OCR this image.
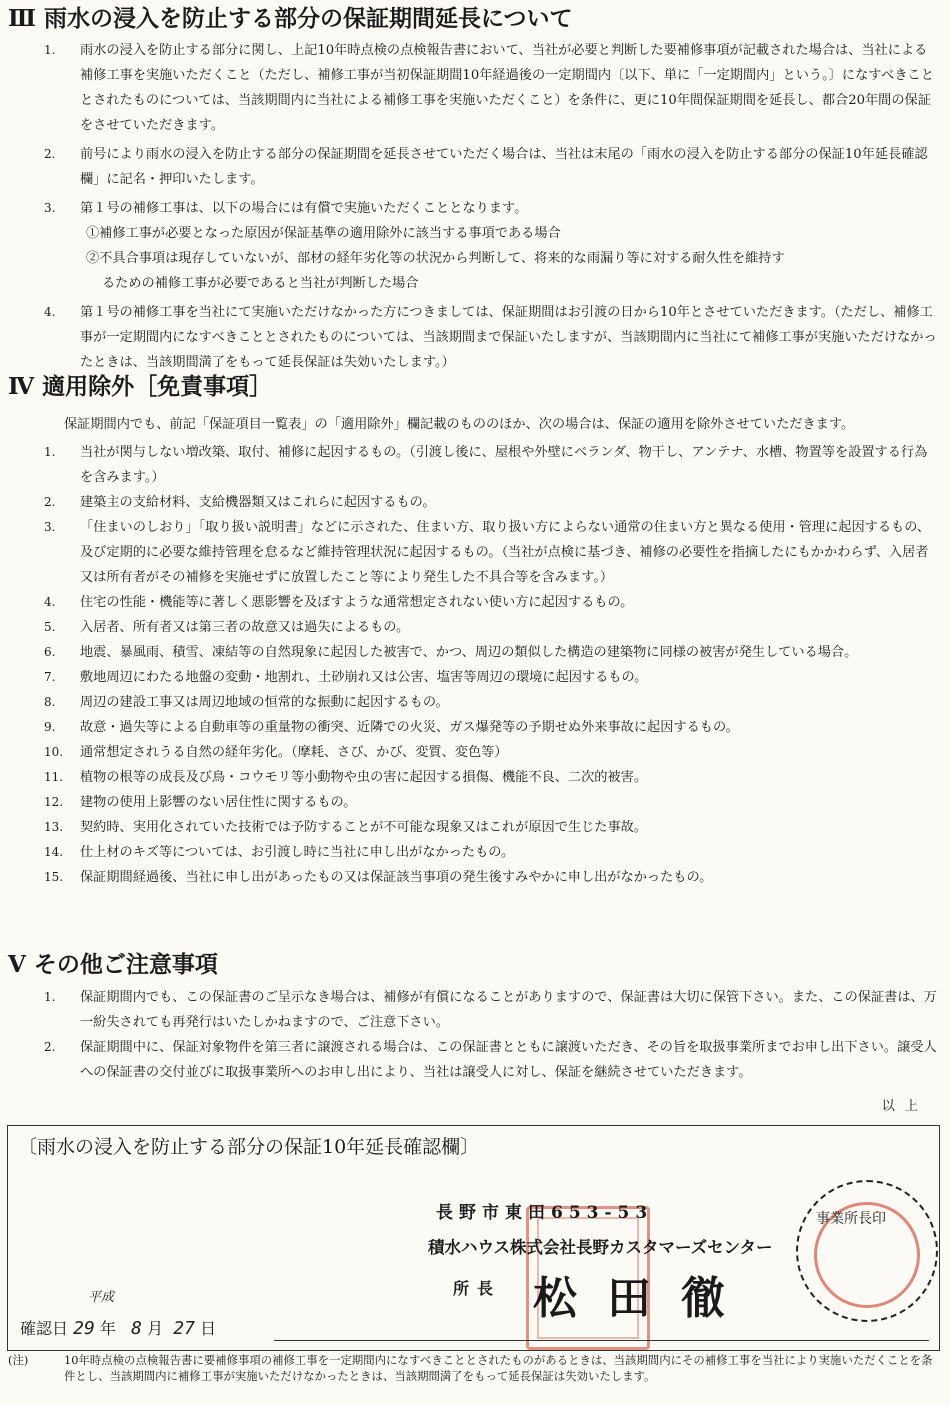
Ⅲ 雨水の浸入を防止する部分の保証期間延長について
1.	雨水の浸入を防止する部分に関し、上記10年時点検の点検報告書において、当社が必要と判断した要補修事項が記載された場合は、当社による補修工事を実施いただくこと（ただし、補修工事が当初保証期間10年経過後の一定期間内〔以下、単に「一定期間内」という。〕になすべきこととされたものについては、当該期間内に当社による補修工事を実施いただくこと）を条件に、更に10年間保証期間を延長し、都合20年間の保証をさせていただきます。
2.	前号により雨水の浸入を防止する部分の保証期間を延長させていただく場合は、当社は末尾の「雨水の浸入を防止する部分の保証10年延長確認欄」に記名・押印いたします。
3.	第１号の補修工事は、以下の場合には有償で実施いただくこととなります。
①補修工事が必要となった原因が保証基準の適用除外に該当する事項である場合
②不具合事項は現存していないが、部材の経年劣化等の状況から判断して、将来的な雨漏り等に対する耐久性を維持す
るための補修工事が必要であると当社が判断した場合
4.	第１号の補修工事を当社にて実施いただけなかった方につきましては、保証期間はお引渡の日から10年とさせていただきます。（ただし、補修工事が一定期間内になすべきこととされたものについては、当該期間まで保証いたしますが、当該期間内に当社にて補修工事が実施いただけなかったときは、当該期間満了をもって延長保証は失効いたします。）
Ⅳ 適用除外［免責事項］
保証期間内でも、前記「保証項目一覧表」の「適用除外」欄記載のもののほか、次の場合は、保証の適用を除外させていただきます。
1.	当社が関与しない増改築、取付、補修に起因するもの。（引渡し後に、屋根や外壁にベランダ、物干し、アンテナ、水槽、物置等を設置する行為を含みます。）
2.	建築主の支給材料、支給機器類又はこれらに起因するもの。
3.	「住まいのしおり」「取り扱い説明書」などに示された、住まい方、取り扱い方によらない通常の住まい方と異なる使用・管理に起因するもの、及び定期的に必要な維持管理を怠るなど維持管理状況に起因するもの。（当社が点検に基づき、補修の必要性を指摘したにもかかわらず、入居者又は所有者がその補修を実施せずに放置したこと等により発生した不具合等を含みます。）
4.	住宅の性能・機能等に著しく悪影響を及ぼすような通常想定されない使い方に起因するもの。
5.	入居者、所有者又は第三者の故意又は過失によるもの。
6.	地震、暴風雨、積雪、凍結等の自然現象に起因した被害で、かつ、周辺の類似した構造の建築物に同様の被害が発生している場合。
7.	敷地周辺にわたる地盤の変動・地割れ、土砂崩れ又は公害、塩害等周辺の環境に起因するもの。
8.	周辺の建設工事又は周辺地域の恒常的な振動に起因するもの。
9.	故意・過失等による自動車等の重量物の衝突、近隣での火災、ガス爆発等の予期せぬ外来事故に起因するもの。
10.	通常想定されうる自然の経年劣化。（摩耗、さび、かび、変質、変色等）
11.	植物の根等の成長及び鳥・コウモリ等小動物や虫の害に起因する損傷、機能不良、二次的被害。
12.	建物の使用上影響のない居住性に関するもの。
13.	契約時、実用化されていた技術では予防することが不可能な現象又はこれが原因で生じた事故。
14.	仕上材のキズ等については、お引渡し時に当社に申し出がなかったもの。
15.	保証期間経過後、当社に申し出があったもの又は保証該当事項の発生後すみやかに申し出がなかったもの。
Ⅴ その他ご注意事項
1.	保証期間内でも、この保証書のご呈示なき場合は、補修が有償になることがありますので、保証書は大切に保管下さい。また、この保証書は、万一紛失されても再発行はいたしかねますので、ご注意下さい。
2.	保証期間中に、保証対象物件を第三者に譲渡される場合は、この保証書とともに譲渡いただき、その旨を取扱事業所までお申し出下さい。譲受人への保証書の交付並びに取扱事業所へのお申し出により、当社は譲受人に対し、保証を継続させていただきます。
以上
〔雨水の浸入を防止する部分の保証10年延長確認欄〕
長野市東田653-53
積水ハウス株式会社長野カスタマーズセンター
所長 松田徹
事業所長印
平成
確認日 29 年 8 月 27 日
(注)	10年時点検の点検報告書に要補修事項の補修工事を一定期間内になすべきこととされたものがあるときは、当該期間内にその補修工事を当社により実施いただくことを条件とし、当該期間内に補修工事が実施いただけなかったときは、当該期間満了をもって延長保証は失効いたします。
